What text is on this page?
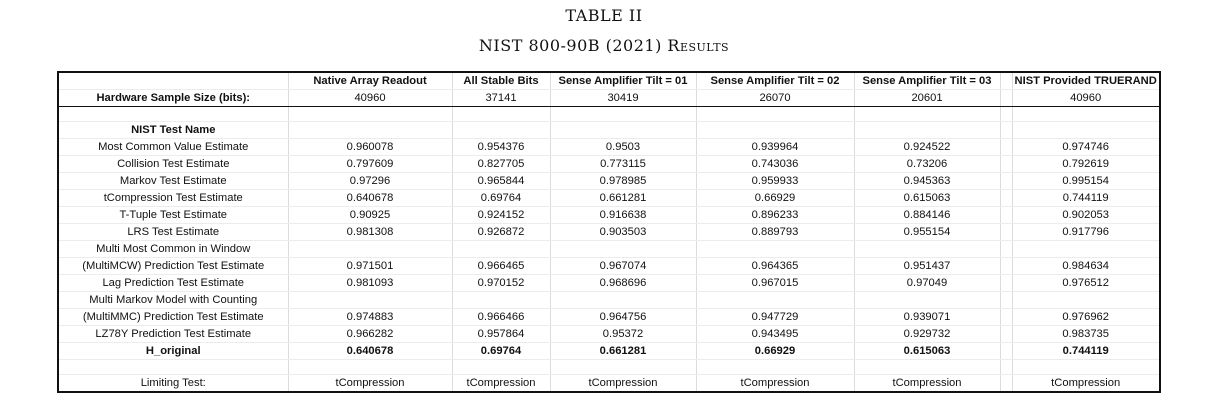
TABLE II
NIST 800-90B (2021) Results
	Native Array Readout	All Stable Bits	Sense Amplifier Tilt = 01	Sense Amplifier Tilt = 02	Sense Amplifier Tilt = 03		NIST Provided TRUERAND
Hardware Sample Size (bits):	40960	37141	30419	26070	20601		40960

NIST Test Name							
Most Common Value Estimate	0.960078	0.954376	0.9503	0.939964	0.924522		0.974746
Collision Test Estimate	0.797609	0.827705	0.773115	0.743036	0.73206		0.792619
Markov Test Estimate	0.97296	0.965844	0.978985	0.959933	0.945363		0.995154
tCompression Test Estimate	0.640678	0.69764	0.661281	0.66929	0.615063		0.744119
T-Tuple Test Estimate	0.90925	0.924152	0.916638	0.896233	0.884146		0.902053
LRS Test Estimate	0.981308	0.926872	0.903503	0.889793	0.955154		0.917796
Multi Most Common in Window							
(MultiMCW) Prediction Test Estimate	0.971501	0.966465	0.967074	0.964365	0.951437		0.984634
Lag Prediction Test Estimate	0.981093	0.970152	0.968696	0.967015	0.97049		0.976512
Multi Markov Model with Counting							
(MultiMMC) Prediction Test Estimate	0.974883	0.966466	0.964756	0.947729	0.939071		0.976962
LZ78Y Prediction Test Estimate	0.966282	0.957864	0.95372	0.943495	0.929732		0.983735
H_original	0.640678	0.69764	0.661281	0.66929	0.615063		0.744119

Limiting Test:	tCompression	tCompression	tCompression	tCompression	tCompression		tCompression
